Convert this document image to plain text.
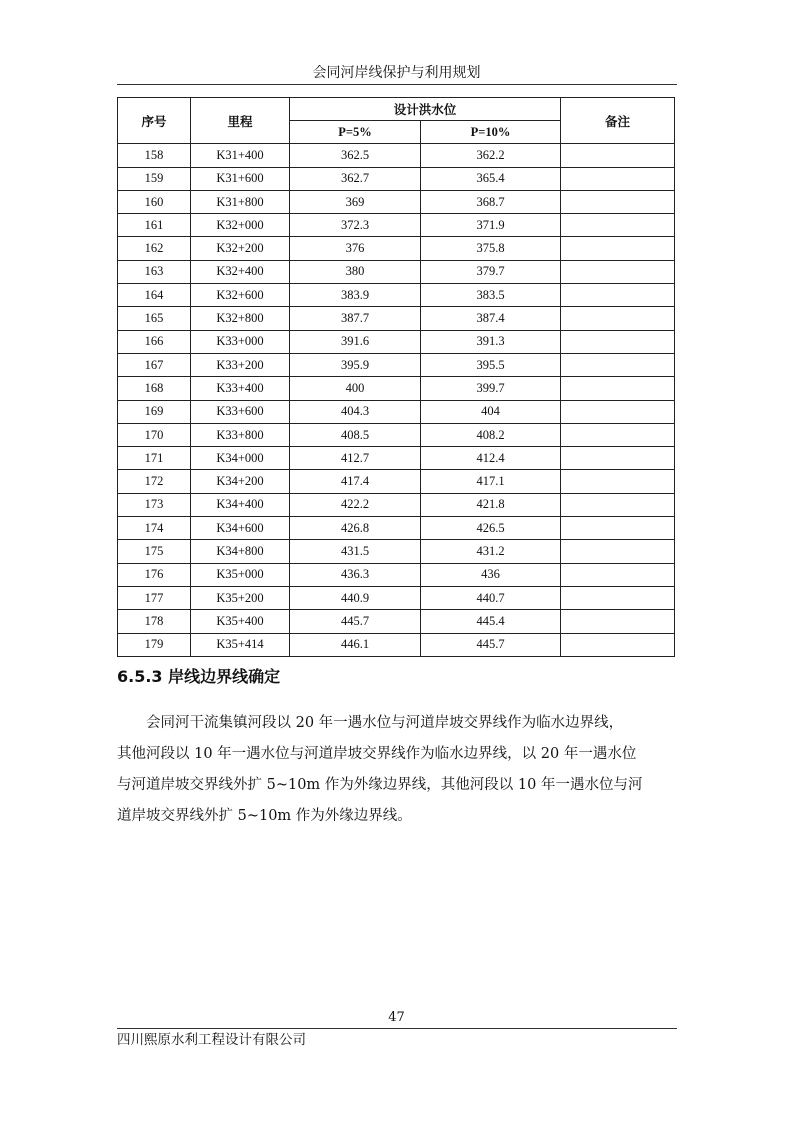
会同河岸线保护与利用规划
序号	里程	设计洪水位		备注
		P=5%	P=10%	
158	K31+400	362.5	362.2	
159	K31+600	362.7	365.4	
160	K31+800	369	368.7	
161	K32+000	372.3	371.9	
162	K32+200	376	375.8	
163	K32+400	380	379.7	
164	K32+600	383.9	383.5	
165	K32+800	387.7	387.4	
166	K33+000	391.6	391.3	
167	K33+200	395.9	395.5	
168	K33+400	400	399.7	
169	K33+600	404.3	404	
170	K33+800	408.5	408.2	
171	K34+000	412.7	412.4	
172	K34+200	417.4	417.1	
173	K34+400	422.2	421.8	
174	K34+600	426.8	426.5	
175	K34+800	431.5	431.2	
176	K35+000	436.3	436	
177	K35+200	440.9	440.7	
178	K35+400	445.7	445.4	
179	K35+414	446.1	445.7	
6.5.3 岸线边界线确定
会同河干流集镇河段以 20 年一遇水位与河道岸坡交界线作为临水边界线，
其他河段以 10 年一遇水位与河道岸坡交界线作为临水边界线，以 20 年一遇水位
与河道岸坡交界线外扩 5~10m 作为外缘边界线，其他河段以 10 年一遇水位与河
道岸坡交界线外扩 5~10m 作为外缘边界线。
47
四川熙原水利工程设计有限公司
